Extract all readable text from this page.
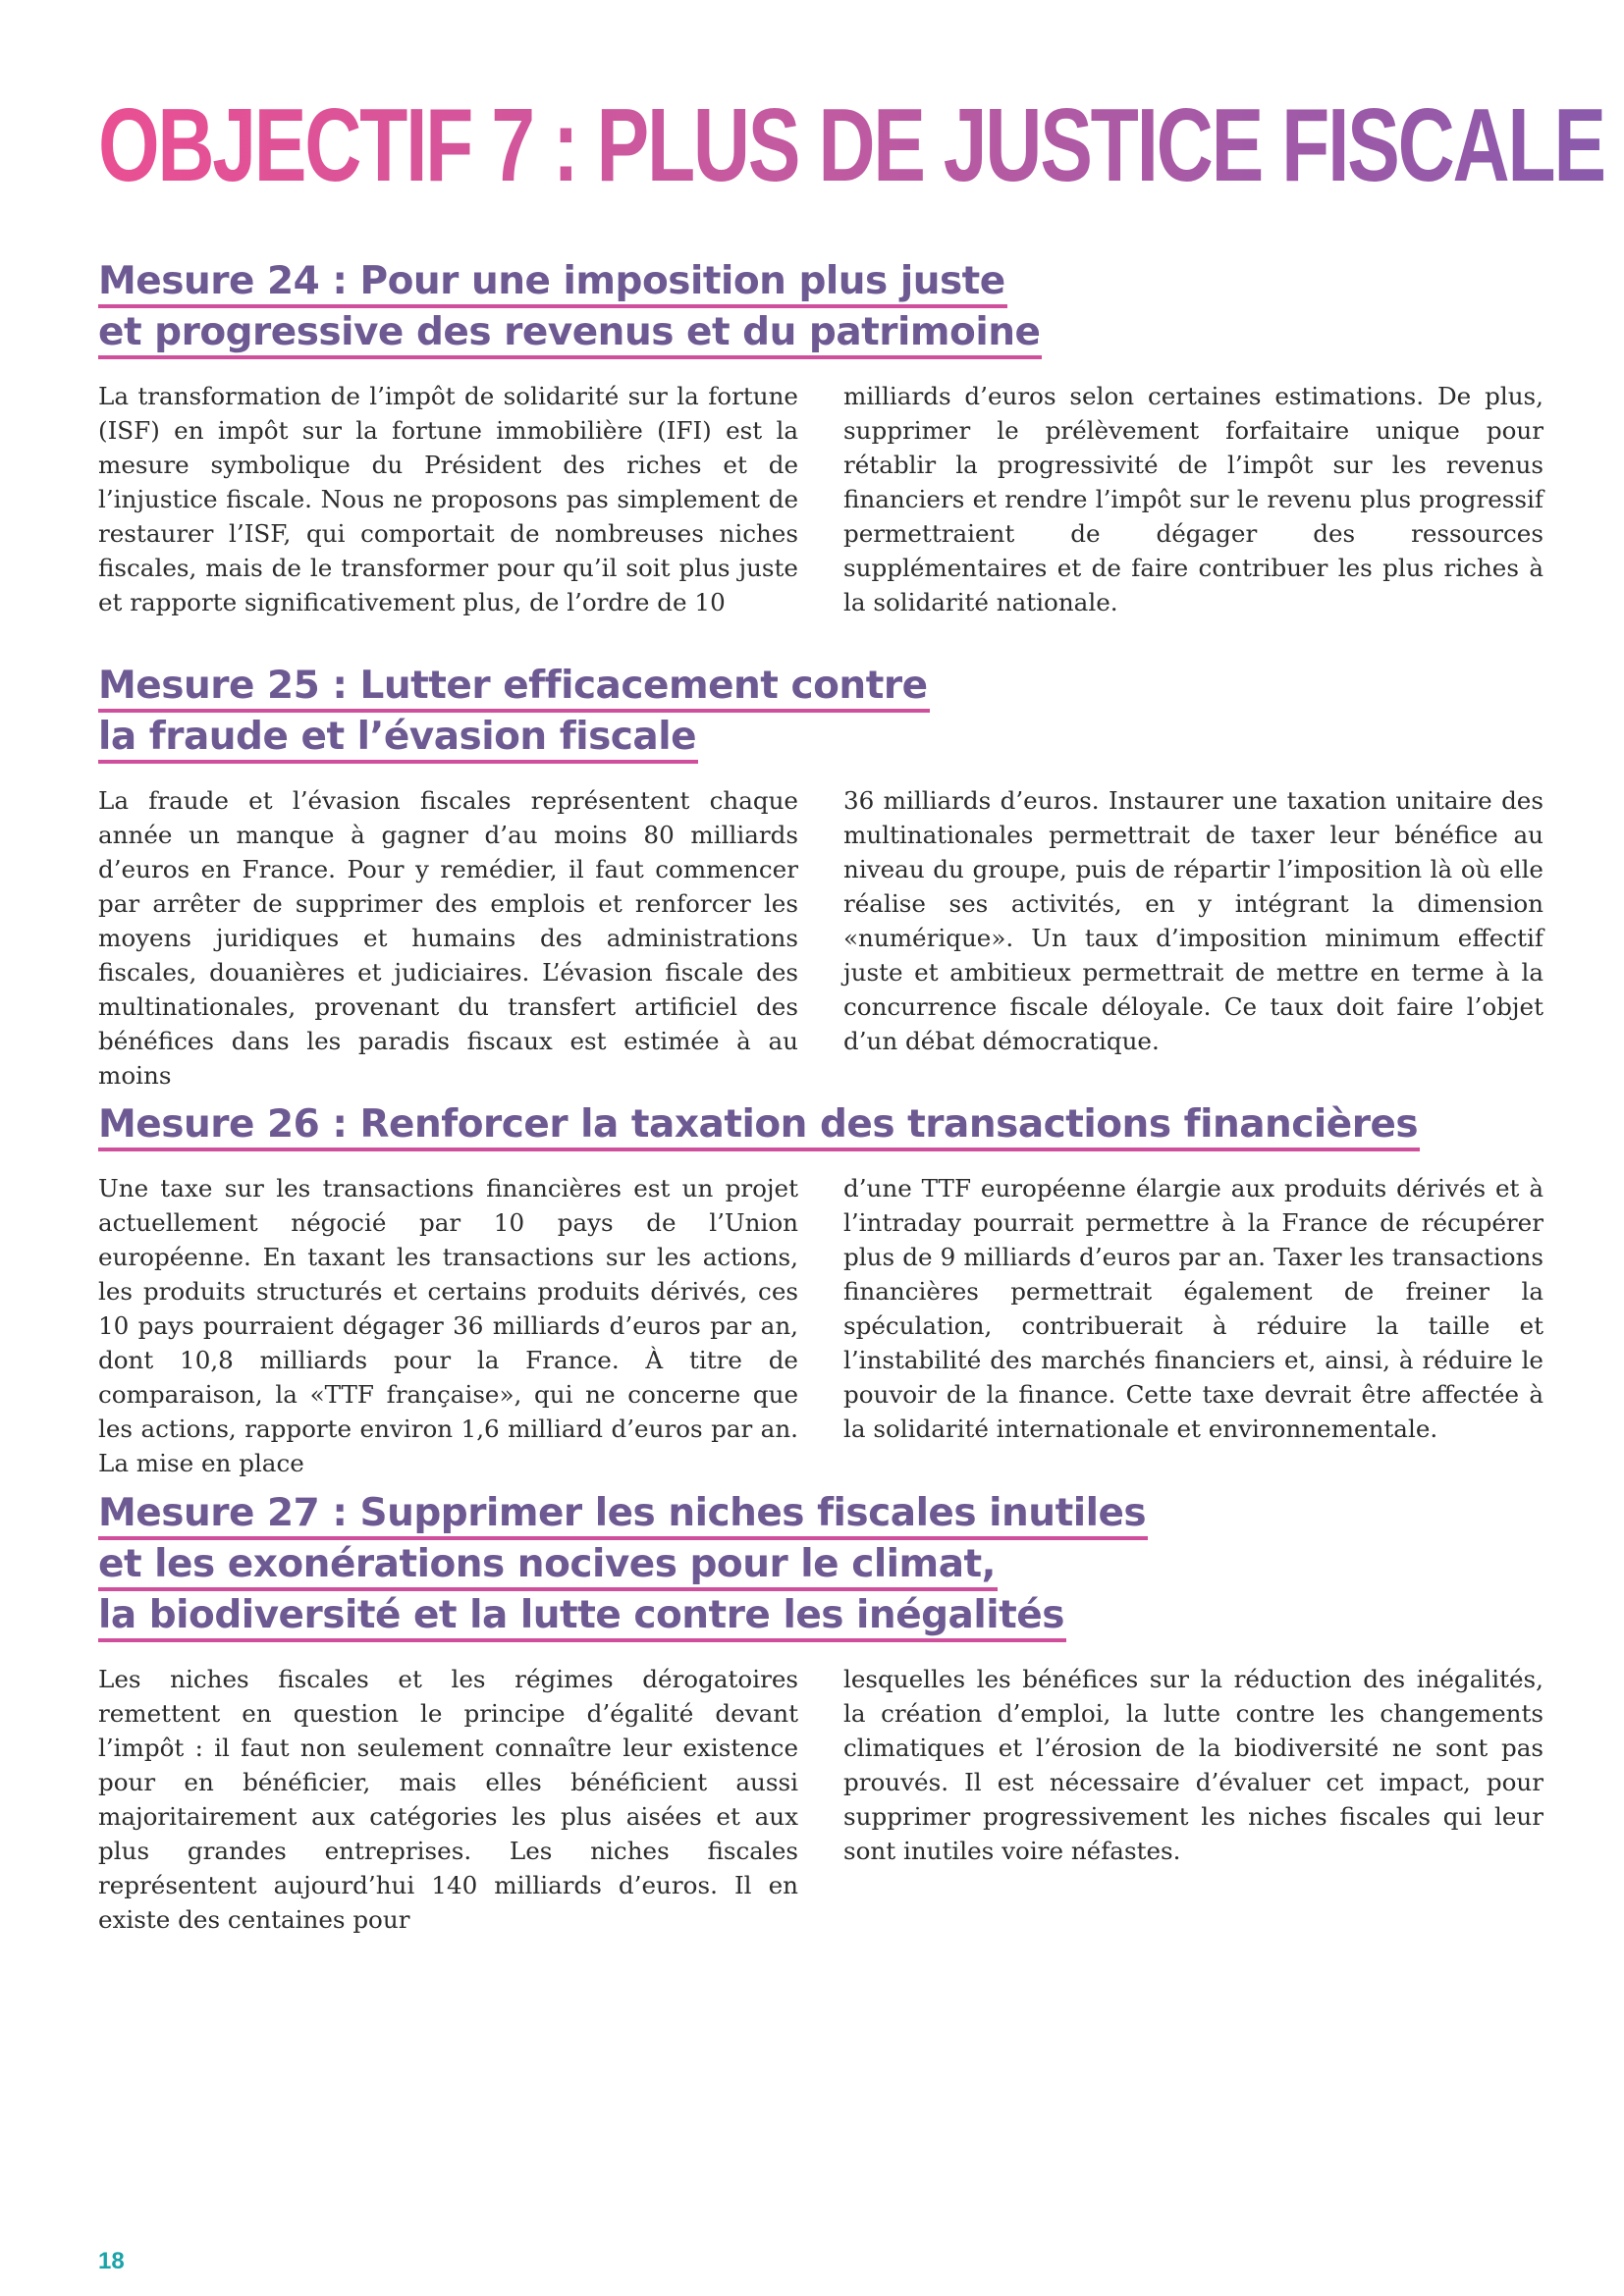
OBJECTIF 7 : PLUS DE JUSTICE FISCALE
Mesure 24 : Pour une imposition plus juste
et progressive des revenus et du patrimoine

La transformation de l’impôt de solidarité sur la fortune (ISF) en impôt sur la fortune immobilière (IFI) est la mesure symbolique du Président des riches et de l’injustice fiscale. Nous ne proposons pas simplement de restaurer l’ISF, qui comportait de nombreuses niches fiscales, mais de le transformer pour qu’il soit plus juste et rapporte significativement plus, de l’ordre de 10

milliards d’euros selon certaines estimations. De plus, supprimer le prélèvement forfaitaire unique pour rétablir la progressivité de l’impôt sur les revenus financiers et rendre l’impôt sur le revenu plus progressif permettraient de dégager des ressources supplémentaires et de faire contribuer les plus riches à la solidarité nationale.

Mesure 25 : Lutter efficacement contre
la fraude et l’évasion fiscale

La fraude et l’évasion fiscales représentent chaque année un manque à gagner d’au moins 80 milliards d’euros en France. Pour y remédier, il faut commencer par arrêter de supprimer des emplois et renforcer les moyens juridiques et humains des administrations fiscales, douanières et judiciaires. L’évasion fiscale des multinationales, provenant du transfert artificiel des bénéfices dans les paradis fiscaux est estimée à au moins

36 milliards d’euros. Instaurer une taxation unitaire des multinationales permettrait de taxer leur bénéfice au niveau du groupe, puis de répartir l’imposition là où elle réalise ses activités, en y intégrant la dimension «numérique». Un taux d’imposition minimum effectif juste et ambitieux permettrait de mettre en terme à la concurrence fiscale déloyale. Ce taux doit faire l’objet d’un débat démocratique.

Mesure 26 : Renforcer la taxation des transactions financières

Une taxe sur les transactions financières est un projet actuellement négocié par 10 pays de l’Union européenne. En taxant les transactions sur les actions, les produits structurés et certains produits dérivés, ces 10 pays pourraient dégager 36 milliards d’euros par an, dont 10,8 milliards pour la France. À titre de comparaison, la «TTF française», qui ne concerne que les actions, rapporte environ 1,6 milliard d’euros par an. La mise en place

d’une TTF européenne élargie aux produits dérivés et à l’intraday pourrait permettre à la France de récupérer plus de 9 milliards d’euros par an. Taxer les transactions financières permettrait également de freiner la spéculation, contribuerait à réduire la taille et l’instabilité des marchés financiers et, ainsi, à réduire le pouvoir de la finance. Cette taxe devrait être affectée à la solidarité internationale et environnementale.

Mesure 27 : Supprimer les niches fiscales inutiles
et les exonérations nocives pour le climat,
la biodiversité et la lutte contre les inégalités

Les niches fiscales et les régimes dérogatoires remettent en question le principe d’égalité devant l’impôt : il faut non seulement connaître leur existence pour en bénéficier, mais elles bénéficient aussi majoritairement aux catégories les plus aisées et aux plus grandes entreprises. Les niches fiscales représentent aujourd’hui 140 milliards d’euros. Il en existe des centaines pour

lesquelles les bénéfices sur la réduction des inégalités, la création d’emploi, la lutte contre les changements climatiques et l’érosion de la biodiversité ne sont pas prouvés. Il est nécessaire d’évaluer cet impact, pour supprimer progressivement les niches fiscales qui leur sont inutiles voire néfastes.

18
